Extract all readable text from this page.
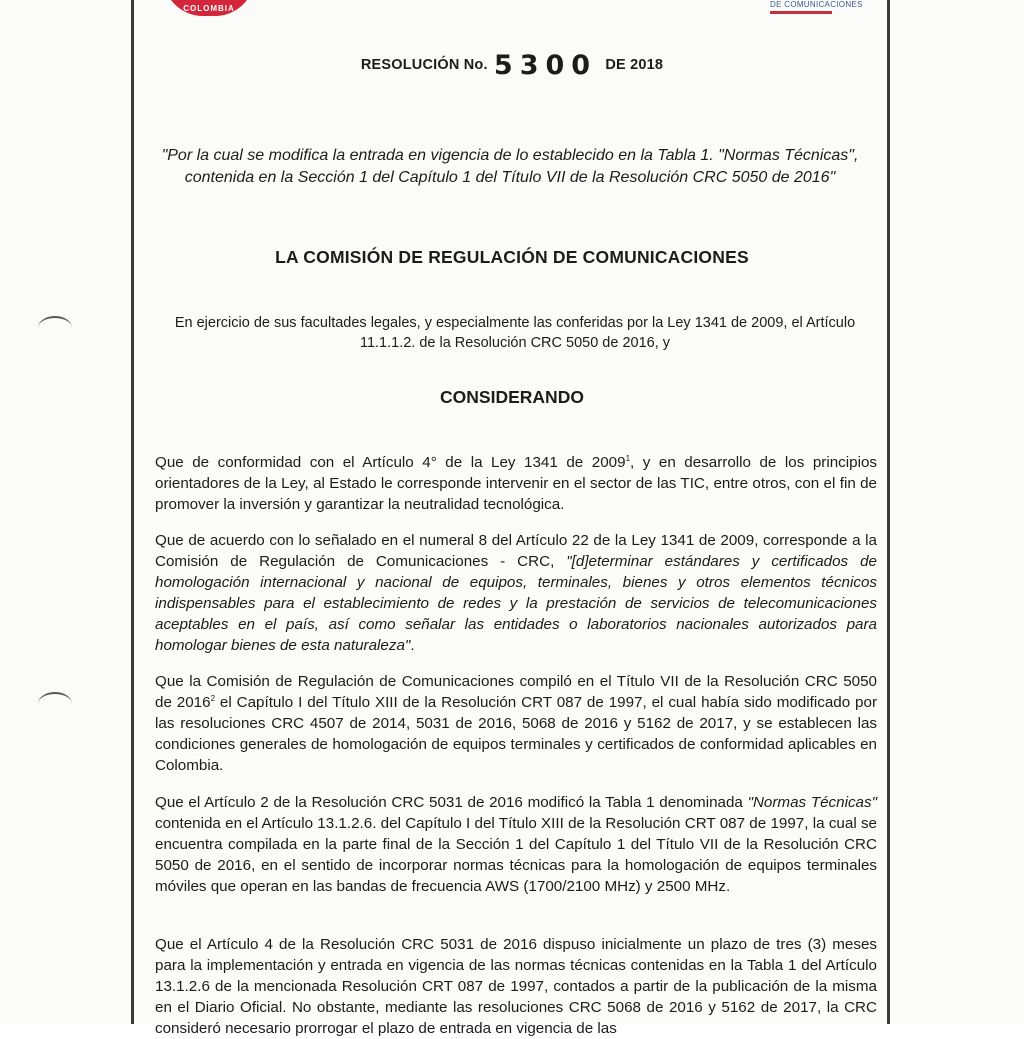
COLOMBIA	DE COMUNICACIONES
RESOLUCIÓN No. 5300 DE 2018
"Por la cual se modifica la entrada en vigencia de lo establecido en la Tabla 1. "Normas Técnicas", contenida en la Sección 1 del Capítulo 1 del Título VII de la Resolución CRC 5050 de 2016"
LA COMISIÓN DE REGULACIÓN DE COMUNICACIONES
En ejercicio de sus facultades legales, y especialmente las conferidas por la Ley 1341 de 2009, el Artículo 11.1.1.2. de la Resolución CRC 5050 de 2016, y
CONSIDERANDO
Que de conformidad con el Artículo 4° de la Ley 1341 de 2009$^1$, y en desarrollo de los principios orientadores de la Ley, al Estado le corresponde intervenir en el sector de las TIC, entre otros, con el fin de promover la inversión y garantizar la neutralidad tecnológica.
Que de acuerdo con lo señalado en el numeral 8 del Artículo 22 de la Ley 1341 de 2009, corresponde a la Comisión de Regulación de Comunicaciones - CRC, "[d]eterminar estándares y certificados de homologación internacional y nacional de equipos, terminales, bienes y otros elementos técnicos indispensables para el establecimiento de redes y la prestación de servicios de telecomunicaciones aceptables en el país, así como señalar las entidades o laboratorios nacionales autorizados para homologar bienes de esta naturaleza".
Que la Comisión de Regulación de Comunicaciones compiló en el Título VII de la Resolución CRC 5050 de 2016$^2$ el Capítulo I del Título XIII de la Resolución CRT 087 de 1997, el cual había sido modificado por las resoluciones CRC 4507 de 2014, 5031 de 2016, 5068 de 2016 y 5162 de 2017, y se establecen las condiciones generales de homologación de equipos terminales y certificados de conformidad aplicables en Colombia.
Que el Artículo 2 de la Resolución CRC 5031 de 2016 modificó la Tabla 1 denominada "Normas Técnicas" contenida en el Artículo 13.1.2.6. del Capítulo I del Título XIII de la Resolución CRT 087 de 1997, la cual se encuentra compilada en la parte final de la Sección 1 del Capítulo 1 del Título VII de la Resolución CRC 5050 de 2016, en el sentido de incorporar normas técnicas para la homologación de equipos terminales móviles que operan en las bandas de frecuencia AWS (1700/2100 MHz) y 2500 MHz.
Que el Artículo 4 de la Resolución CRC 5031 de 2016 dispuso inicialmente un plazo de tres (3) meses para la implementación y entrada en vigencia de las normas técnicas contenidas en la Tabla 1 del Artículo 13.1.2.6 de la mencionada Resolución CRT 087 de 1997, contados a partir de la publicación de la misma en el Diario Oficial. No obstante, mediante las resoluciones CRC 5068 de 2016 y 5162 de 2017, la CRC consideró necesario prorrogar el plazo de entrada en vigencia de las
